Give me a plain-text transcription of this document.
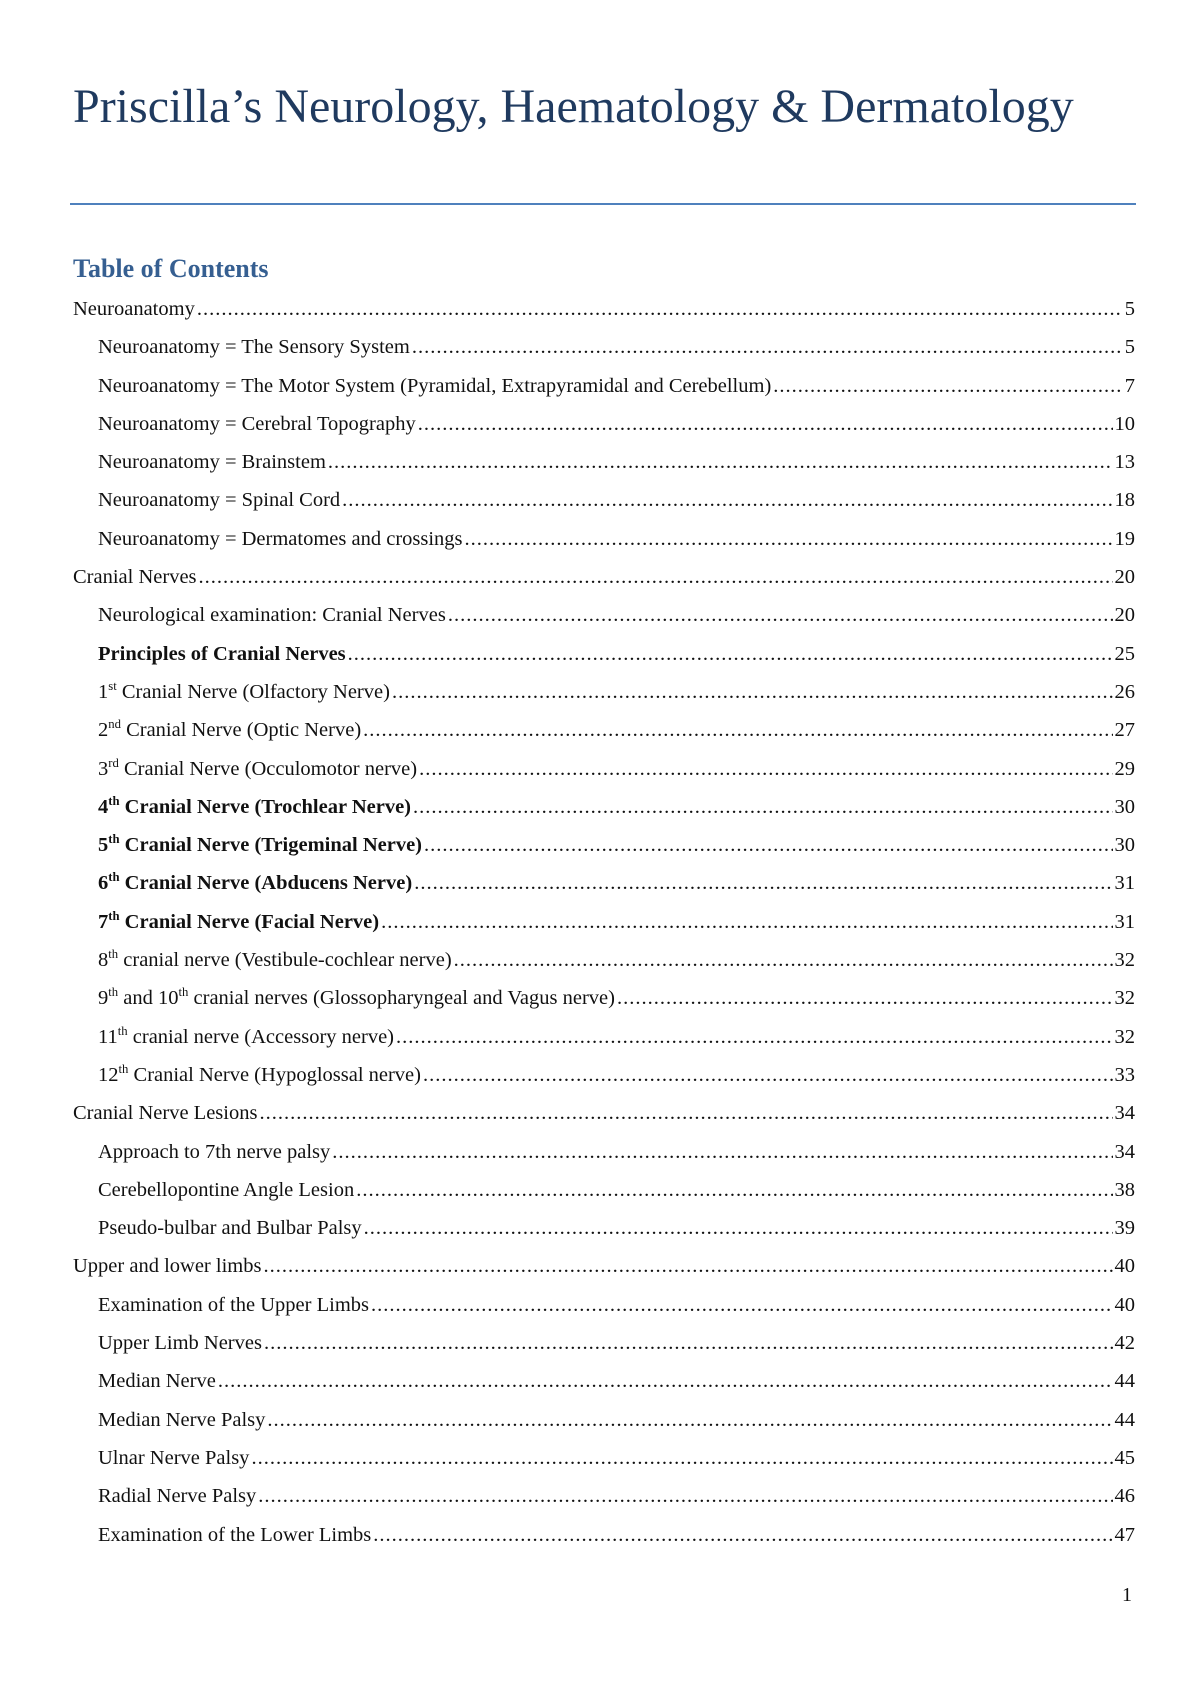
Priscilla’s Neurology, Haematology & Dermatology
Table of Contents
Neuroanatomy .....	5
Neuroanatomy = The Sensory System .....	5
Neuroanatomy = The Motor System (Pyramidal, Extrapyramidal and Cerebellum) .....	7
Neuroanatomy = Cerebral Topography .....	10
Neuroanatomy = Brainstem .....	13
Neuroanatomy = Spinal Cord .....	18
Neuroanatomy = Dermatomes and crossings .....	19
Cranial Nerves .....	20
Neurological examination: Cranial Nerves .....	20
Principles of Cranial Nerves .....	25
1st Cranial Nerve (Olfactory Nerve) .....	26
2nd Cranial Nerve (Optic Nerve) .....	27
3rd Cranial Nerve (Occulomotor nerve) .....	29
4th Cranial Nerve (Trochlear Nerve) .....	30
5th Cranial Nerve (Trigeminal Nerve) .....	30
6th Cranial Nerve (Abducens Nerve) .....	31
7th Cranial Nerve (Facial Nerve) .....	31
8th cranial nerve (Vestibule-cochlear nerve) .....	32
9th and 10th cranial nerves (Glossopharyngeal and Vagus nerve) .....	32
11th cranial nerve (Accessory nerve) .....	32
12th Cranial Nerve (Hypoglossal nerve) .....	33
Cranial Nerve Lesions .....	34
Approach to 7th nerve palsy .....	34
Cerebellopontine Angle Lesion .....	38
Pseudo-bulbar and Bulbar Palsy .....	39
Upper and lower limbs .....	40
Examination of the Upper Limbs .....	40
Upper Limb Nerves .....	42
Median Nerve .....	44
Median Nerve Palsy .....	44
Ulnar Nerve Palsy .....	45
Radial Nerve Palsy .....	46
Examination of the Lower Limbs .....	47
1
